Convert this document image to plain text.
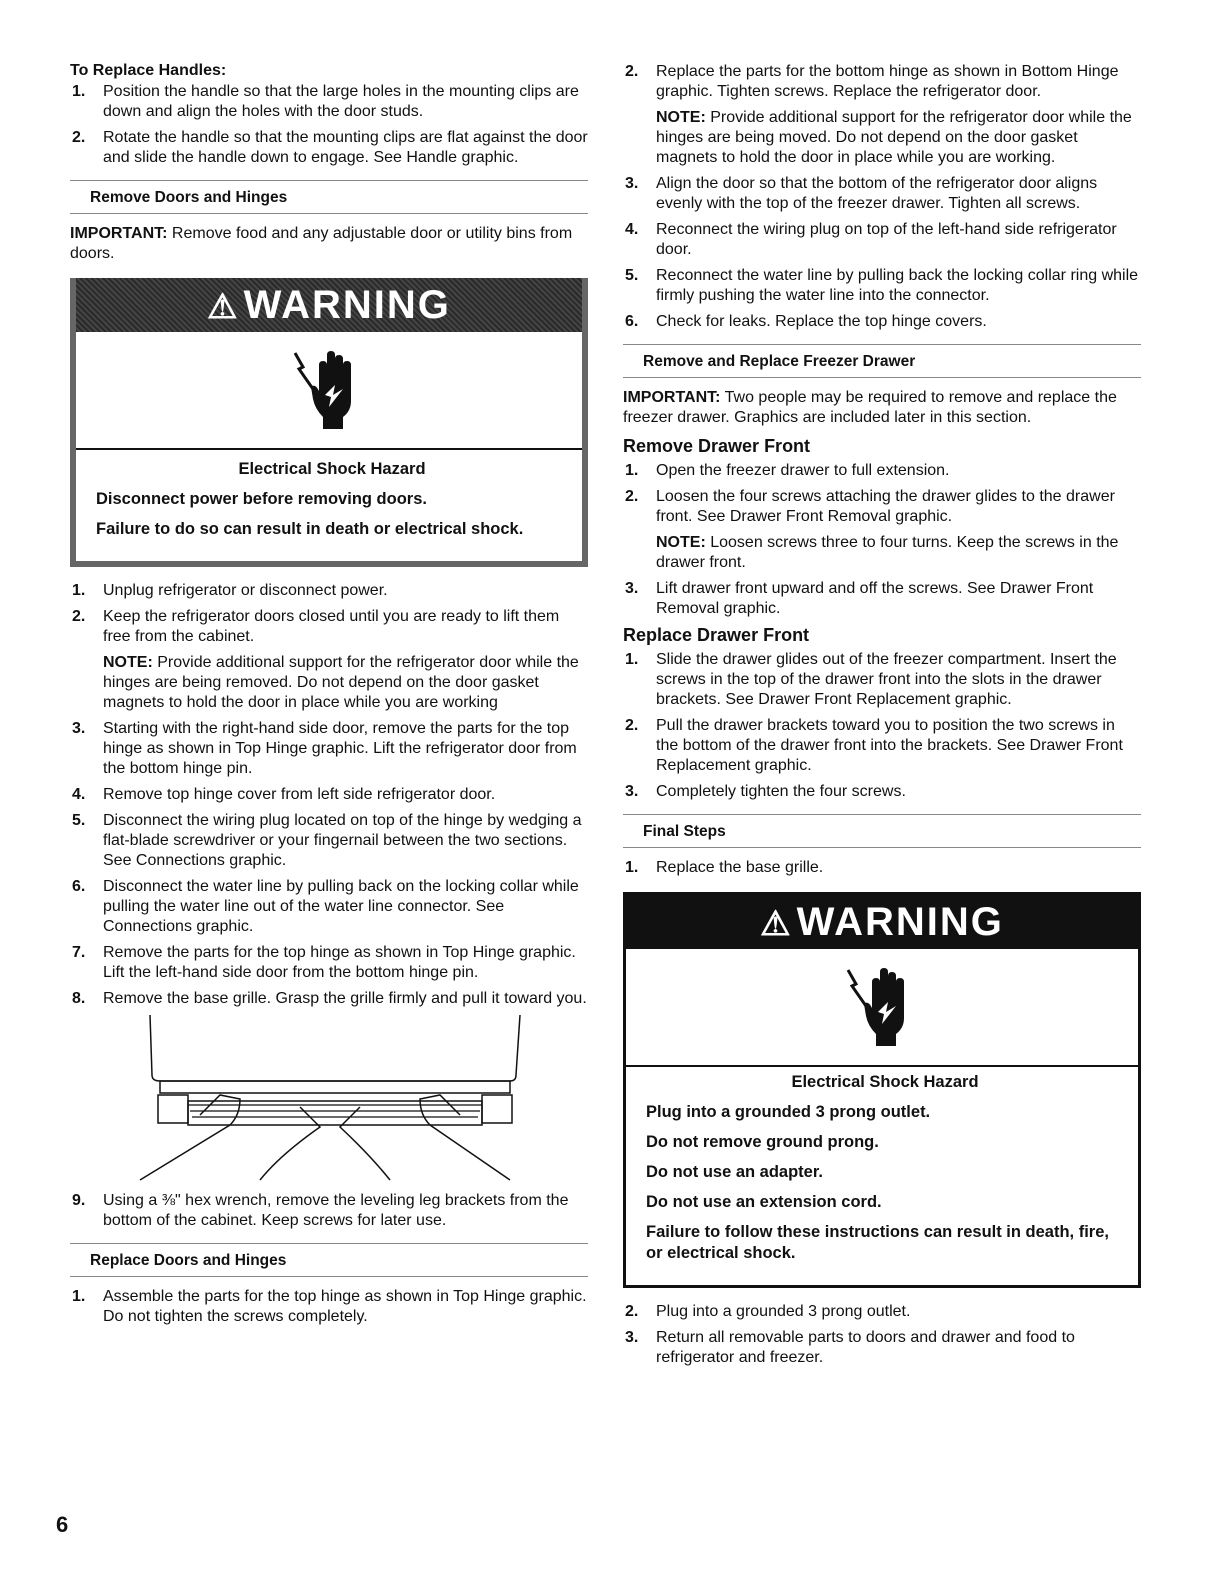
To Replace Handles:
1. Position the handle so that the large holes in the mounting clips are down and align the holes with the door studs.
2. Rotate the handle so that the mounting clips are flat against the door and slide the handle down to engage. See Handle graphic.
Remove Doors and Hinges
IMPORTANT: Remove food and any adjustable door or utility bins from doors.
⚠ WARNING
Electrical Shock Hazard
Disconnect power before removing doors.
Failure to do so can result in death or electrical shock.
1. Unplug refrigerator or disconnect power.
2. Keep the refrigerator doors closed until you are ready to lift them free from the cabinet.
NOTE: Provide additional support for the refrigerator door while the hinges are being removed. Do not depend on the door gasket magnets to hold the door in place while you are working
3. Starting with the right-hand side door, remove the parts for the top hinge as shown in Top Hinge graphic. Lift the refrigerator door from the bottom hinge pin.
4. Remove top hinge cover from left side refrigerator door.
5. Disconnect the wiring plug located on top of the hinge by wedging a flat-blade screwdriver or your fingernail between the two sections. See Connections graphic.
6. Disconnect the water line by pulling back on the locking collar while pulling the water line out of the water line connector. See Connections graphic.
7. Remove the parts for the top hinge as shown in Top Hinge graphic. Lift the left-hand side door from the bottom hinge pin.
8. Remove the base grille. Grasp the grille firmly and pull it toward you.
9. Using a ⅜" hex wrench, remove the leveling leg brackets from the bottom of the cabinet. Keep screws for later use.
Replace Doors and Hinges
1. Assemble the parts for the top hinge as shown in Top Hinge graphic. Do not tighten the screws completely.
2. Replace the parts for the bottom hinge as shown in Bottom Hinge graphic. Tighten screws. Replace the refrigerator door.
NOTE: Provide additional support for the refrigerator door while the hinges are being moved. Do not depend on the door gasket magnets to hold the door in place while you are working.
3. Align the door so that the bottom of the refrigerator door aligns evenly with the top of the freezer drawer. Tighten all screws.
4. Reconnect the wiring plug on top of the left-hand side refrigerator door.
5. Reconnect the water line by pulling back the locking collar ring while firmly pushing the water line into the connector.
6. Check for leaks. Replace the top hinge covers.
Remove and Replace Freezer Drawer
IMPORTANT: Two people may be required to remove and replace the freezer drawer. Graphics are included later in this section.
Remove Drawer Front
1. Open the freezer drawer to full extension.
2. Loosen the four screws attaching the drawer glides to the drawer front. See Drawer Front Removal graphic.
NOTE: Loosen screws three to four turns. Keep the screws in the drawer front.
3. Lift drawer front upward and off the screws. See Drawer Front Removal graphic.
Replace Drawer Front
1. Slide the drawer glides out of the freezer compartment. Insert the screws in the top of the drawer front into the slots in the drawer brackets. See Drawer Front Replacement graphic.
2. Pull the drawer brackets toward you to position the two screws in the bottom of the drawer front into the brackets. See Drawer Front Replacement graphic.
3. Completely tighten the four screws.
Final Steps
1. Replace the base grille.
⚠ WARNING
Electrical Shock Hazard
Plug into a grounded 3 prong outlet.
Do not remove ground prong.
Do not use an adapter.
Do not use an extension cord.
Failure to follow these instructions can result in death, fire, or electrical shock.
2. Plug into a grounded 3 prong outlet.
3. Return all removable parts to doors and drawer and food to refrigerator and freezer.
6
